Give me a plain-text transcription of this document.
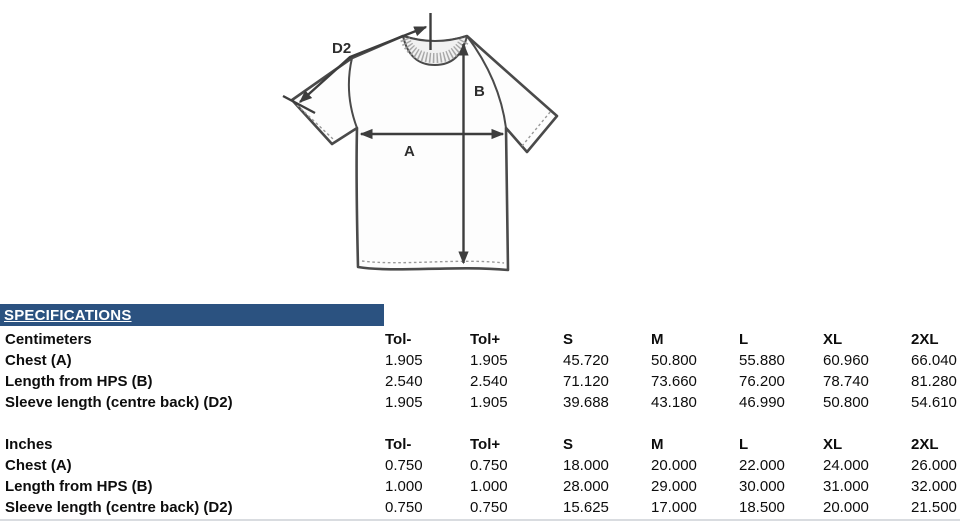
A
B
D2
SPECIFICATIONS
Centimeters	Tol-	Tol+	S	M	L	XL	2XL
Chest (A)	1.905	1.905	45.720	50.800	55.880	60.960	66.040
Length from HPS (B)	2.540	2.540	71.120	73.660	76.200	78.740	81.280
Sleeve length (centre back) (D2)	1.905	1.905	39.688	43.180	46.990	50.800	54.610
Inches	Tol-	Tol+	S	M	L	XL	2XL
Chest (A)	0.750	0.750	18.000	20.000	22.000	24.000	26.000
Length from HPS (B)	1.000	1.000	28.000	29.000	30.000	31.000	32.000
Sleeve length (centre back) (D2)	0.750	0.750	15.625	17.000	18.500	20.000	21.500
